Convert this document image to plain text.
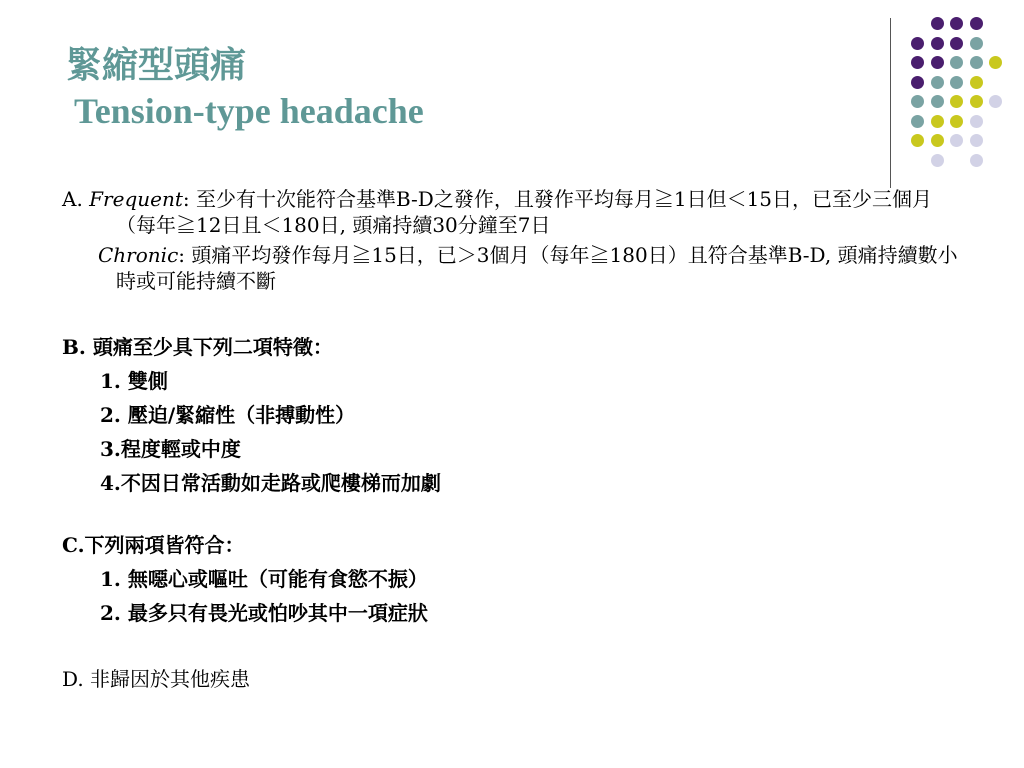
緊縮型頭痛
Tension-type headache

A. Frequent: 至少有十次能符合基準B-D之發作，且發作平均每月≧1日但＜15日，已至少三個月（每年≧12日且＜180日, 頭痛持續30分鐘至7日

Chronic: 頭痛平均發作每月≧15日，已＞3個月（每年≧180日）且符合基準B-D, 頭痛持續數小時或可能持續不斷

B. 頭痛至少具下列二項特徵：

1. 雙側
2. 壓迫/緊縮性（非搏動性）
3.程度輕或中度
4.不因日常活動如走路或爬樓梯而加劇

C.下列兩項皆符合：

1. 無噁心或嘔吐（可能有食慾不振）
2. 最多只有畏光或怕吵其中一項症狀

D. 非歸因於其他疾患
